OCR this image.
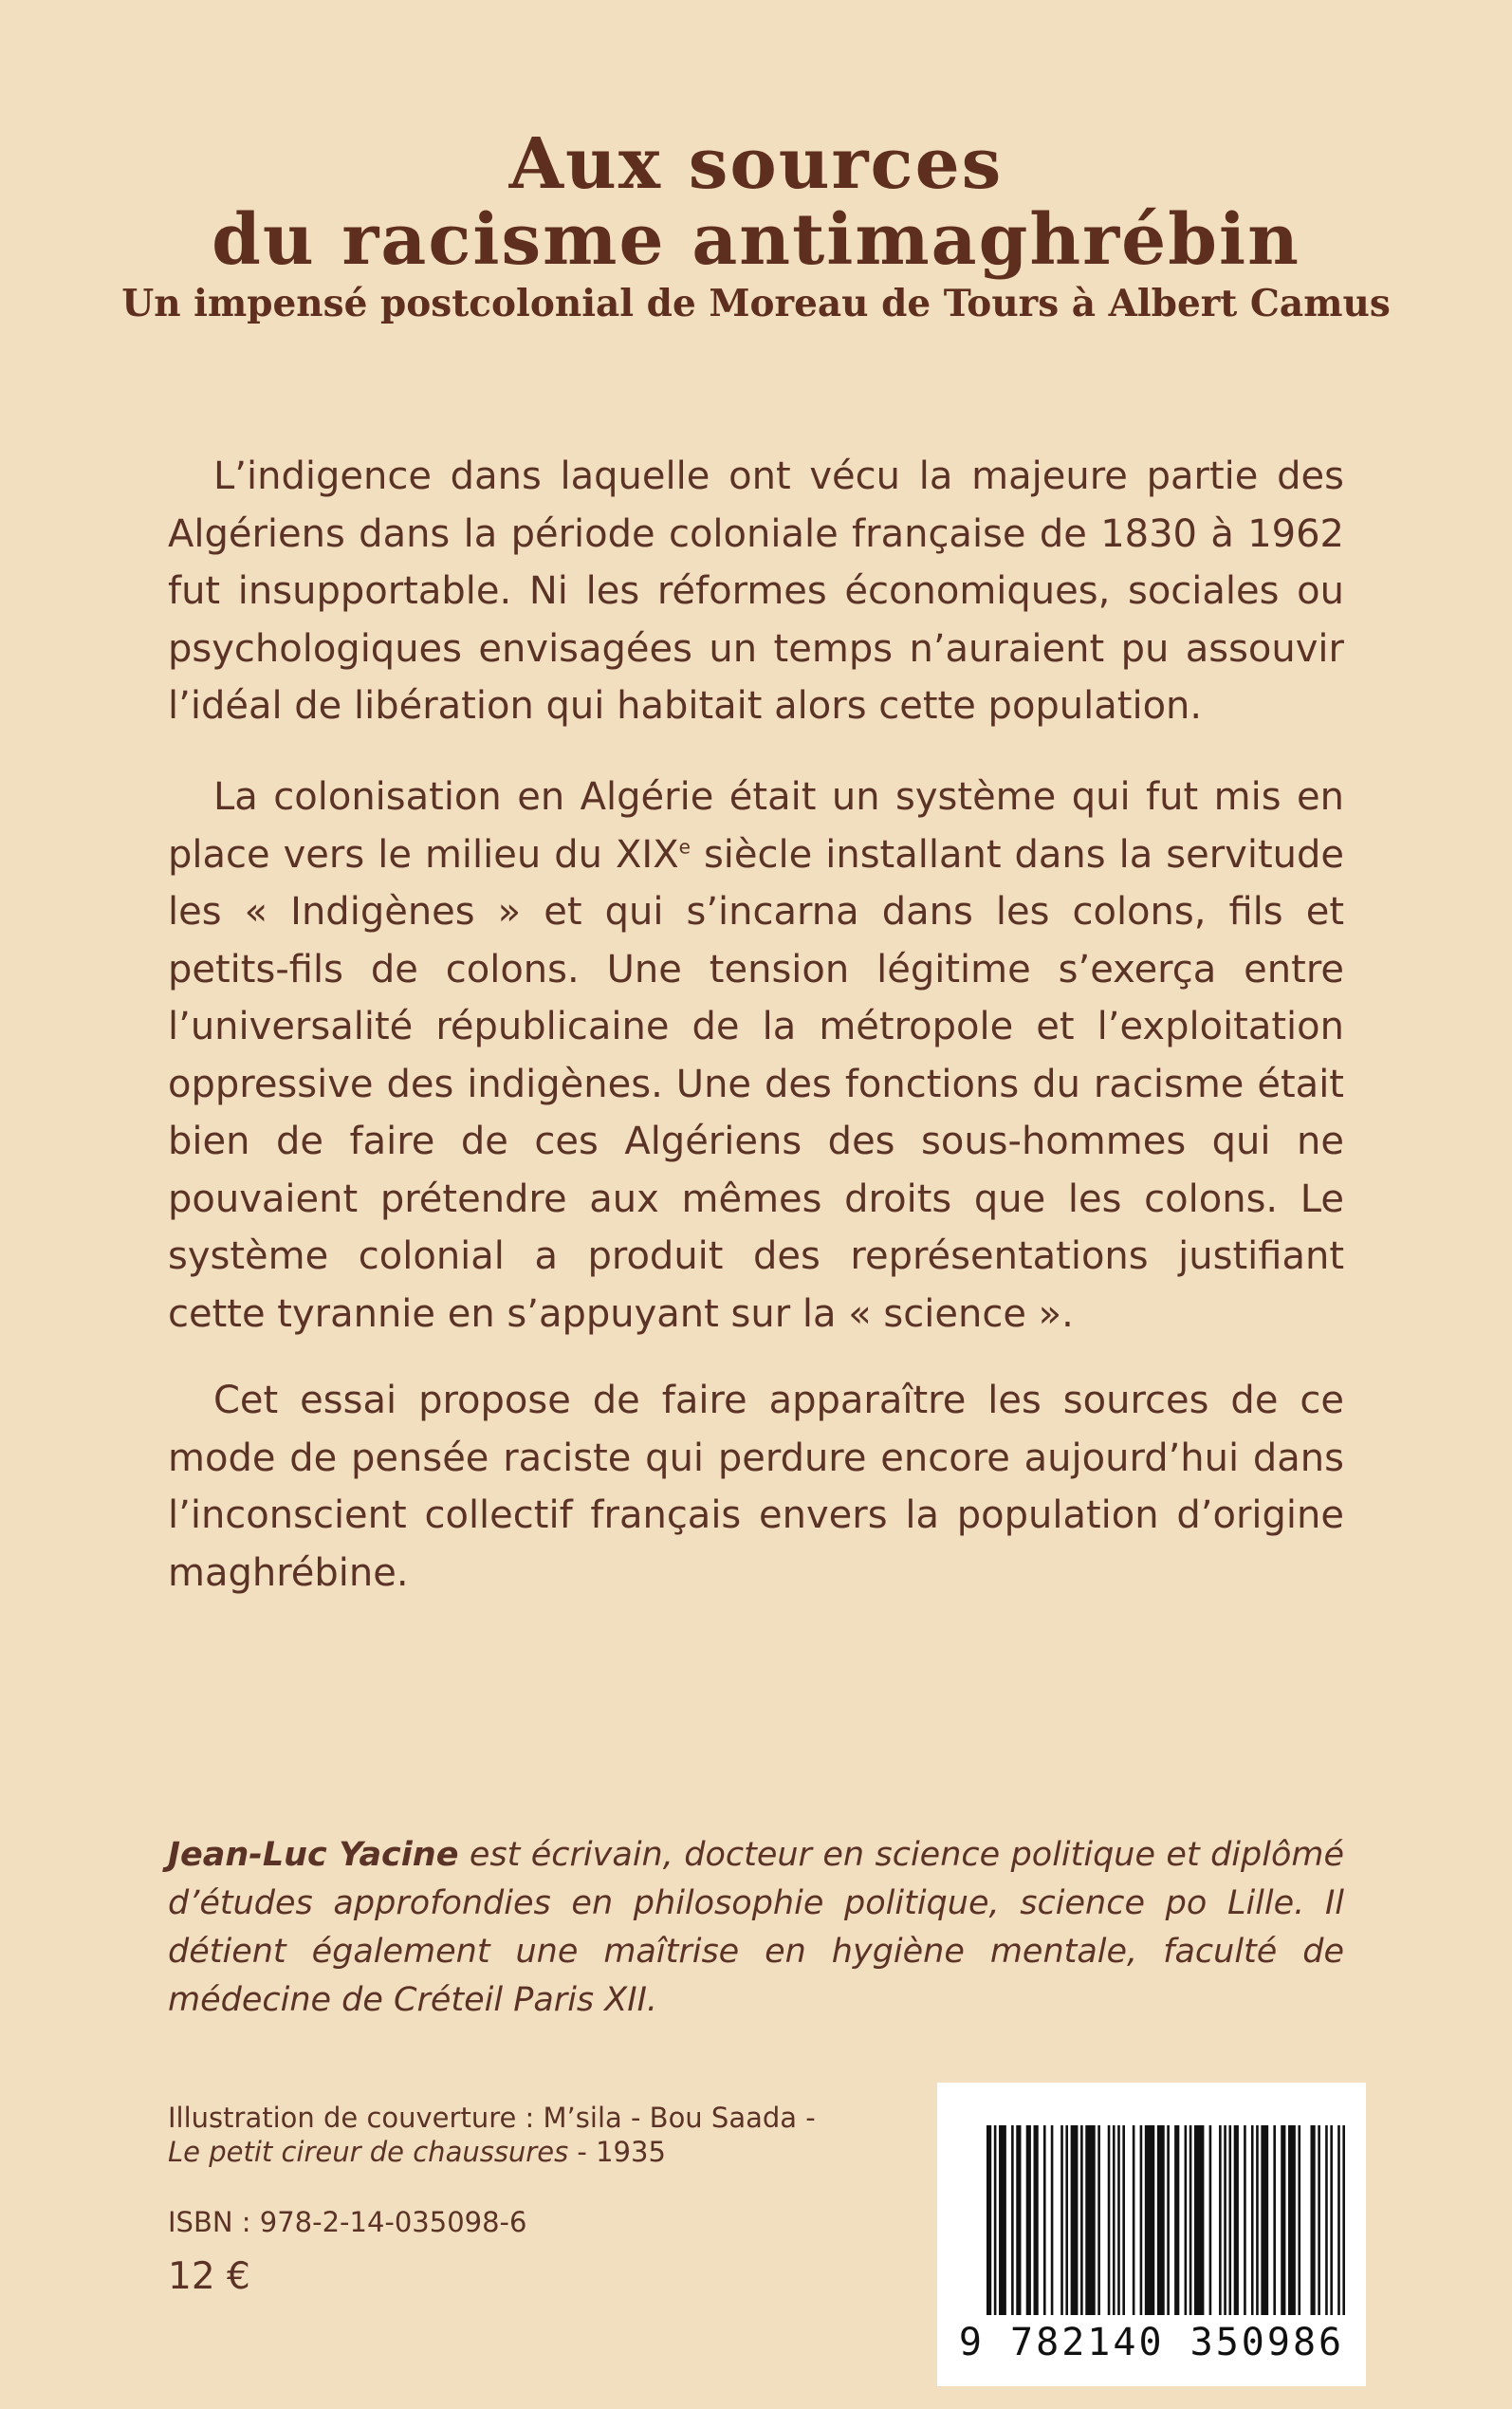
Aux sources
du racisme antimaghrébin
Un impensé postcolonial de Moreau de Tours à Albert Camus

L’indigence dans laquelle ont vécu la majeure partie des Algériens dans la période coloniale française de 1830 à 1962 fut insupportable. Ni les réformes économiques, sociales ou psychologiques envisagées un temps n’auraient pu assouvir l’idéal de libération qui habitait alors cette population.

La colonisation en Algérie était un système qui fut mis en place vers le milieu du XIXe siècle installant dans la servitude les « Indigènes » et qui s’incarna dans les colons, fils et petits-fils de colons. Une tension légitime s’exerça entre l’universalité républicaine de la métropole et l’exploitation oppressive des indigènes. Une des fonctions du racisme était bien de faire de ces Algériens des sous-hommes qui ne pouvaient prétendre aux mêmes droits que les colons. Le système colonial a produit des représentations justifiant cette tyrannie en s’appuyant sur la « science ».

Cet essai propose de faire apparaître les sources de ce mode de pensée raciste qui perdure encore aujourd’hui dans l’inconscient collectif français envers la population d’origine maghrébine.

Jean-Luc Yacine est écrivain, docteur en science politique et diplômé d’études approfondies en philosophie politique, science po Lille. Il détient également une maîtrise en hygiène mentale, faculté de médecine de Créteil Paris XII.

Illustration de couverture : M’sila - Bou Saada -
Le petit cireur de chaussures - 1935

ISBN : 978-2-14-035098-6
12 €
9 782140 350986
